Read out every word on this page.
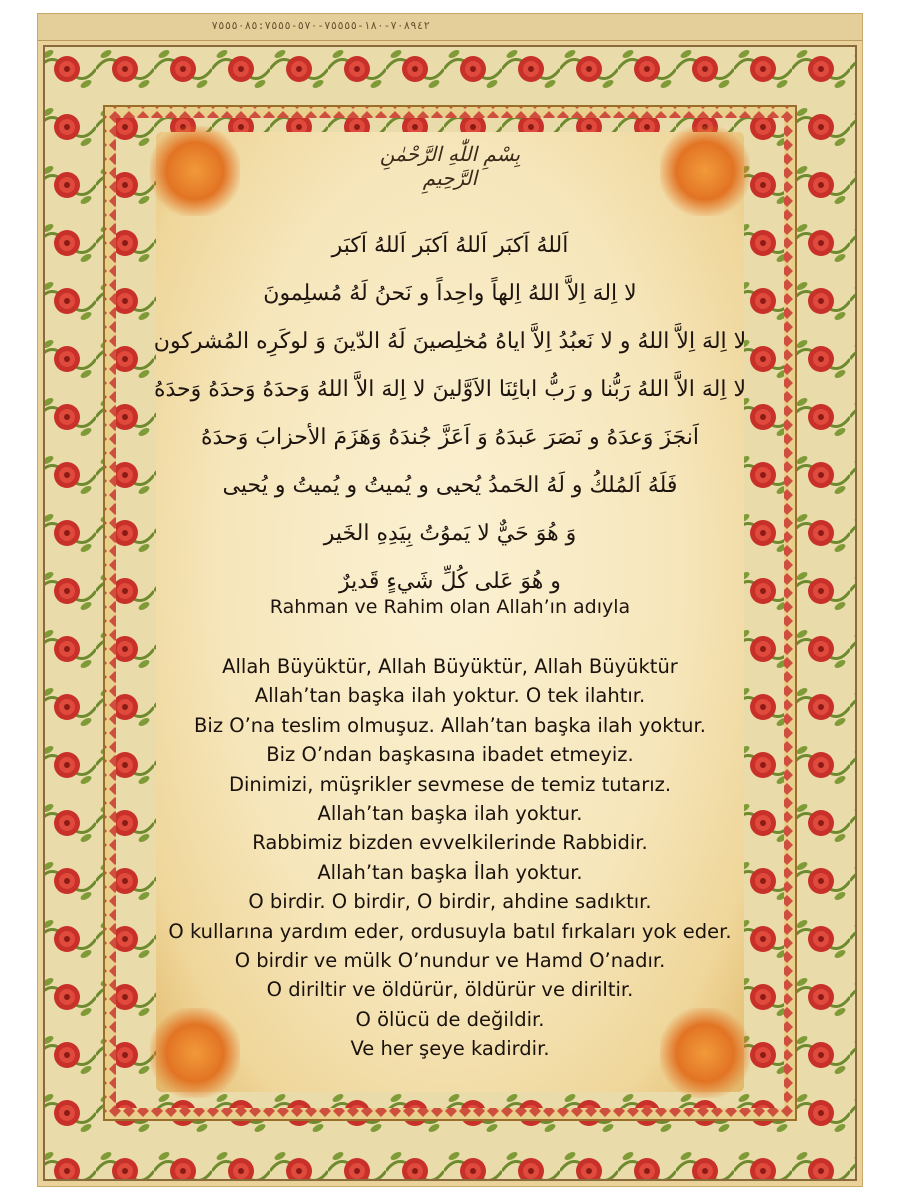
٧٠٨٩٤٢-١٨٠-٧٥٥٥٥-٥٧٠-٧٥٥٥٠٨٥:٧٥٥٥
بِسْمِ اللّٰهِ الرَّحْمٰنِ الرَّحِيمِ
اَللهُ اَكبَر اَللهُ اَكبَر اَللهُ اَكبَر
لا اِلهَ اِلاَّ اللهُ اِلهاً واحِداً و نَحنُ لَهُ مُسلِمونَ
لا اِلهَ اِلاَّ اللهُ و لا نَعبُدُ اِلاَّ اياهُ مُخلِصينَ لَهُ الدّينَ وَ لوكَرِه المُشركون
لا اِلهَ الاَّ اللهُ رَبُّنا و رَبُّ ابائِنَا الاَوَّلينَ لا اِلهَ الاَّ اللهُ وَحدَهُ وَحدَهُ وَحدَهُ
اَنجَزَ وَعدَهُ و نَصَرَ عَبدَهُ وَ اَعَزَّ جُندَهُ وَهَزَمَ الأحزابَ وَحدَهُ
فَلَهُ اَلمُلكُ و لَهُ الحَمدُ يُحيى و يُميتُ و يُميتُ و يُحيى
وَ هُوَ حَيٌّ لا يَموُتُ بِيَدِهِ الخَير
و هُوَ عَلى كُلِّ شَيءٍ قَديرٌ
Rahman ve Rahim olan Allah’ın adıyla
Allah Büyüktür, Allah Büyüktür, Allah Büyüktür
Allah’tan başka ilah yoktur. O tek ilahtır.
Biz O’na teslim olmuşuz. Allah’tan başka ilah yoktur.
Biz O’ndan başkasına ibadet etmeyiz.
Dinimizi, müşrikler sevmese de temiz tutarız.
Allah’tan başka ilah yoktur.
Rabbimiz bizden evvelkilerinde Rabbidir.
Allah’tan başka İlah yoktur.
O birdir. O birdir, O birdir, ahdine sadıktır.
O kullarına yardım eder, ordusuyla batıl fırkaları yok eder.
O birdir ve mülk O’nundur ve Hamd O’nadır.
O diriltir ve öldürür, öldürür ve diriltir.
O ölücü de değildir.
Ve her şeye kadirdir.
